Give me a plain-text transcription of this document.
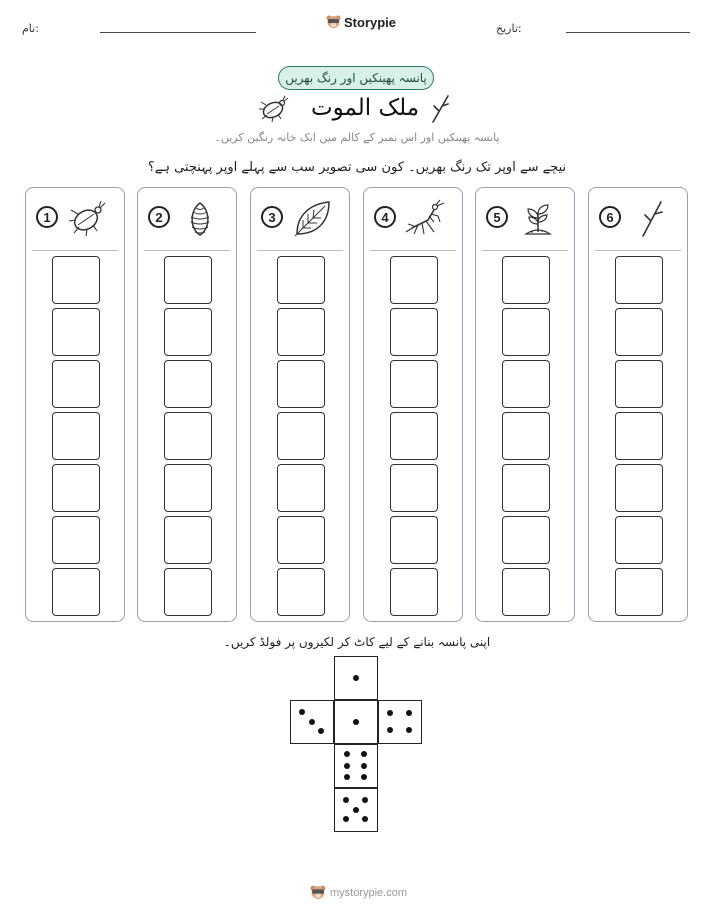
نام:	Storypie	تاریخ:
پانسہ پھینکیں اور رنگ بھریں
ملک الموت
پانسہ پھینکیں اور اس نمبر کے کالم میں ایک خانہ رنگین کریں۔
نیچے سے اوپر تک رنگ بھریں۔ کون سی تصویر سب سے پہلے اوپر پہنچتی ہے؟
1	2	3	4	5	6
اپنی پانسہ بنانے کے لیے کاٹ کر لکیروں پر فولڈ کریں۔
mystorypie.com
